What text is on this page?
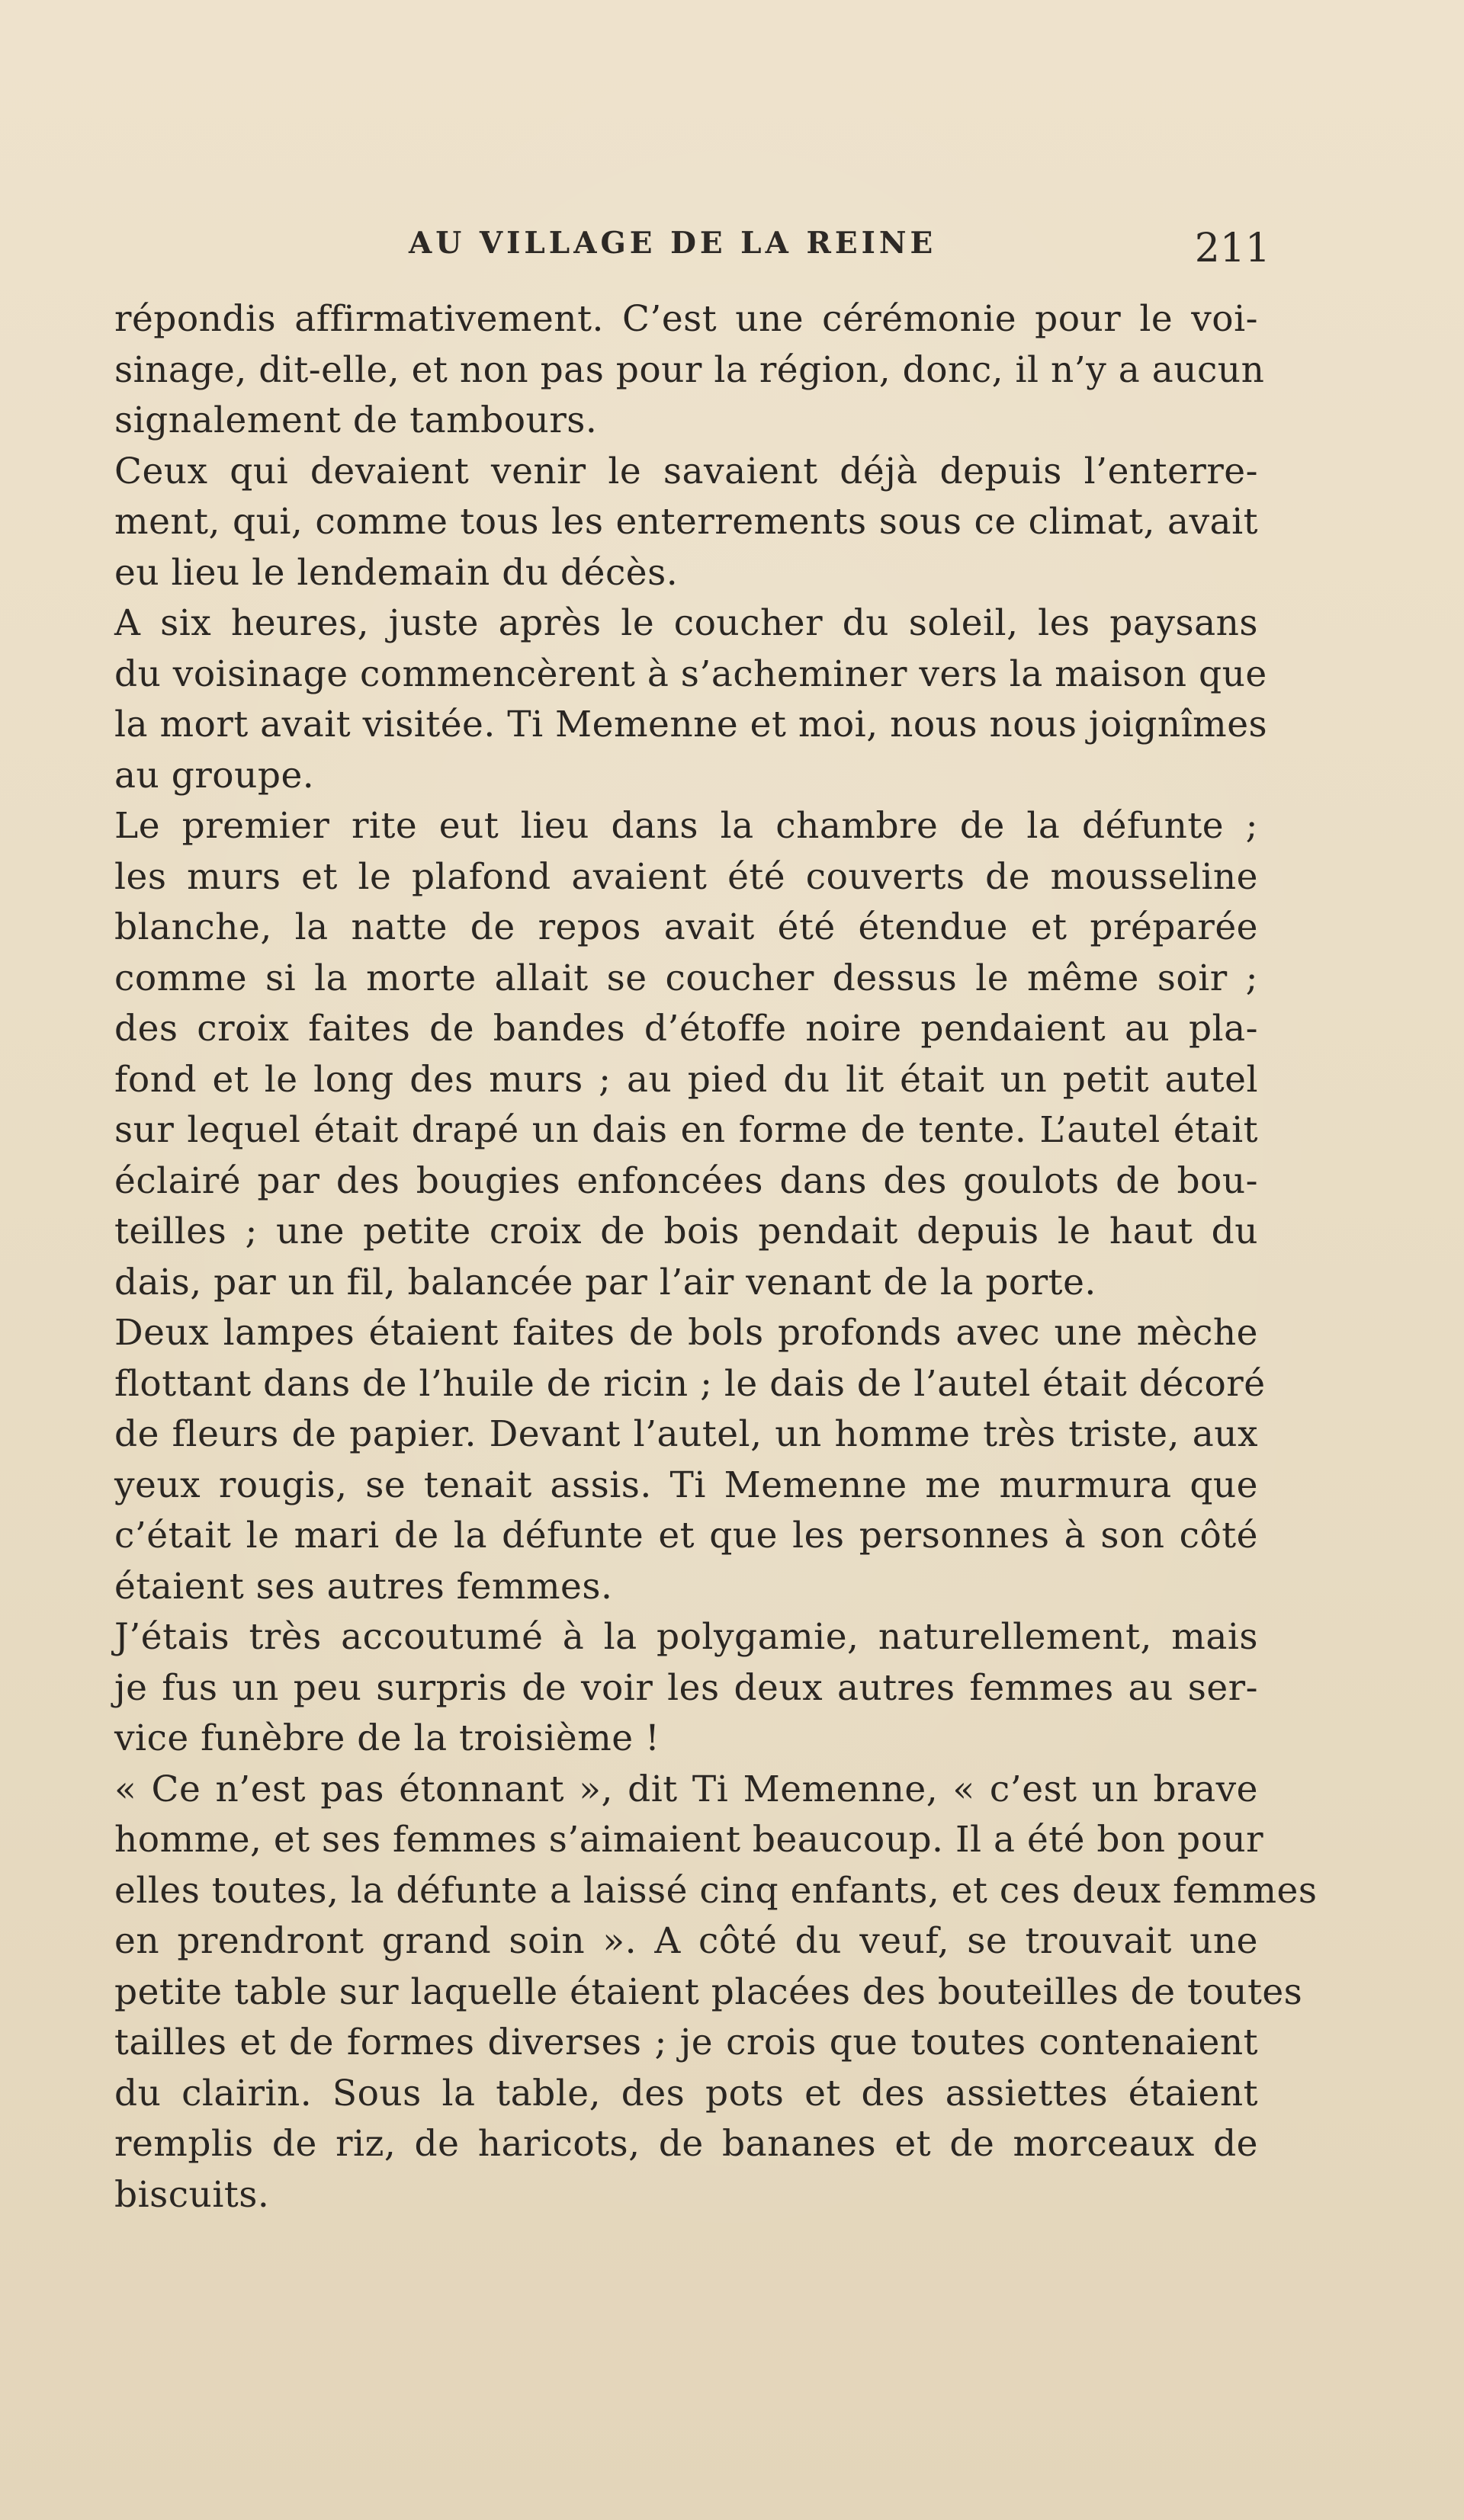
AU VILLAGE DE LA REINE	211
répondis affirmativement. C’est une cérémonie pour le voi-
sinage, dit-elle, et non pas pour la région, donc, il n’y a aucun
signalement de tambours.
Ceux qui devaient venir le savaient déjà depuis l’enterre-
ment, qui, comme tous les enterrements sous ce climat, avait
eu lieu le lendemain du décès.
A six heures, juste après le coucher du soleil, les paysans
du voisinage commencèrent à s’acheminer vers la maison que
la mort avait visitée. Ti Memenne et moi, nous nous joignîmes
au groupe.
Le premier rite eut lieu dans la chambre de la défunte ;
les murs et le plafond avaient été couverts de mousseline
blanche, la natte de repos avait été étendue et préparée
comme si la morte allait se coucher dessus le même soir ;
des croix faites de bandes d’étoffe noire pendaient au pla-
fond et le long des murs ; au pied du lit était un petit autel
sur lequel était drapé un dais en forme de tente. L’autel était
éclairé par des bougies enfoncées dans des goulots de bou-
teilles ; une petite croix de bois pendait depuis le haut du
dais, par un fil, balancée par l’air venant de la porte.
Deux lampes étaient faites de bols profonds avec une mèche
flottant dans de l’huile de ricin ; le dais de l’autel était décoré
de fleurs de papier. Devant l’autel, un homme très triste, aux
yeux rougis, se tenait assis. Ti Memenne me murmura que
c’était le mari de la défunte et que les personnes à son côté
étaient ses autres femmes.
J’étais très accoutumé à la polygamie, naturellement, mais
je fus un peu surpris de voir les deux autres femmes au ser-
vice funèbre de la troisième !
« Ce n’est pas étonnant », dit Ti Memenne, « c’est un brave
homme, et ses femmes s’aimaient beaucoup. Il a été bon pour
elles toutes, la défunte a laissé cinq enfants, et ces deux femmes
en prendront grand soin ». A côté du veuf, se trouvait une
petite table sur laquelle étaient placées des bouteilles de toutes
tailles et de formes diverses ; je crois que toutes contenaient
du clairin. Sous la table, des pots et des assiettes étaient
remplis de riz, de haricots, de bananes et de morceaux de
biscuits.
